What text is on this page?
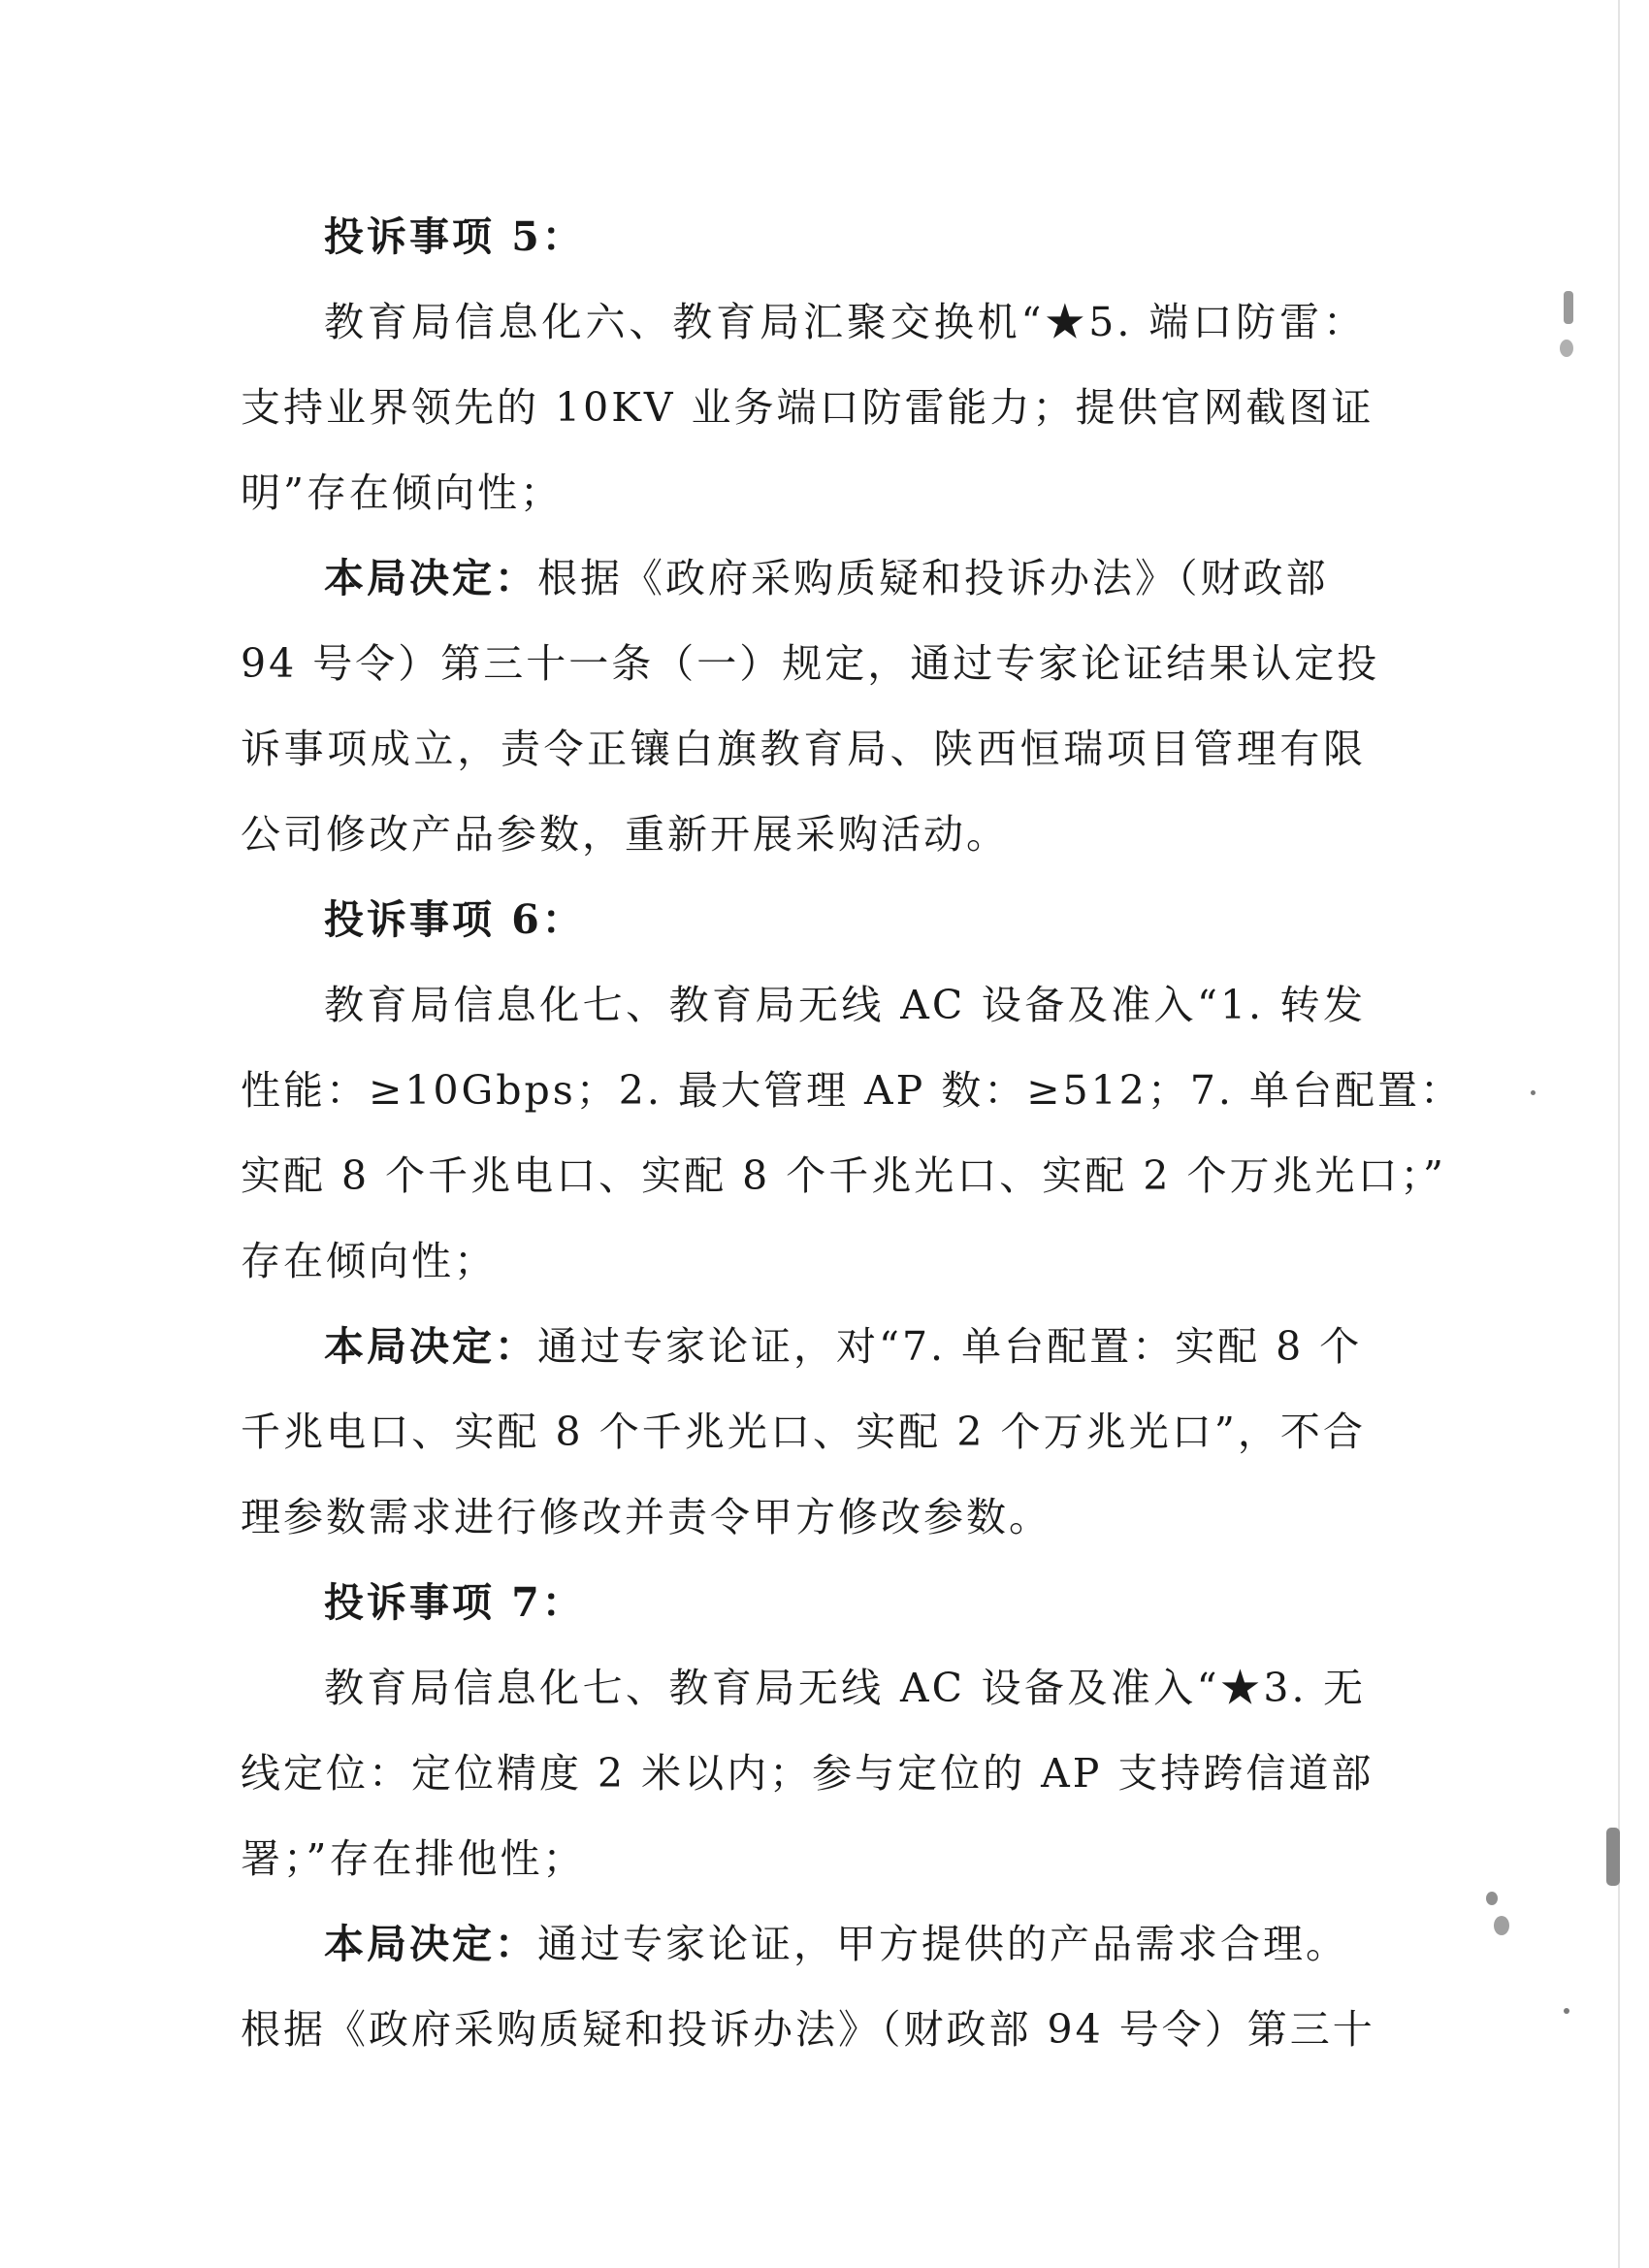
投诉事项 5：
教育局信息化六、教育局汇聚交换机“★5. 端口防雷：
支持业界领先的 10KV 业务端口防雷能力；提供官网截图证
明”存在倾向性；
本局决定：根据《政府采购质疑和投诉办法》（财政部
94 号令）第三十一条（一）规定，通过专家论证结果认定投
诉事项成立，责令正镶白旗教育局、陕西恒瑞项目管理有限
公司修改产品参数，重新开展采购活动。
投诉事项 6：
教育局信息化七、教育局无线 AC 设备及准入“1. 转发
性能：≥10Gbps；2. 最大管理 AP 数：≥512；7. 单台配置：
实配 8 个千兆电口、实配 8 个千兆光口、实配 2 个万兆光口；”
存在倾向性；
本局决定：通过专家论证，对“7. 单台配置：实配 8 个
千兆电口、实配 8 个千兆光口、实配 2 个万兆光口”，不合
理参数需求进行修改并责令甲方修改参数。
投诉事项 7：
教育局信息化七、教育局无线 AC 设备及准入“★3. 无
线定位：定位精度 2 米以内；参与定位的 AP 支持跨信道部
署；”存在排他性；
本局决定：通过专家论证，甲方提供的产品需求合理。
根据《政府采购质疑和投诉办法》（财政部 94 号令）第三十
